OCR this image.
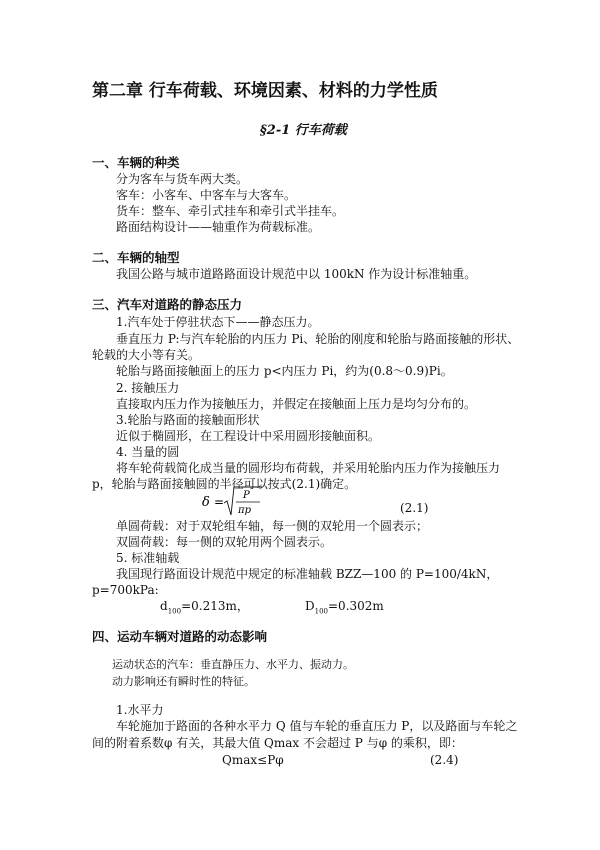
第二章 行车荷载、环境因素、材料的力学性质
§2-1 行车荷载
一、车辆的种类
分为客车与货车两大类。
客车：小客车、中客车与大客车。
货车：整车、牵引式挂车和牵引式半挂车。
路面结构设计——轴重作为荷载标准。
二、车辆的轴型
我国公路与城市道路路面设计规范中以 100kN 作为设计标准轴重。
三、汽车对道路的静态压力
1.汽车处于停驻状态下——静态压力。
垂直压力 P:与汽车轮胎的内压力 Pi、轮胎的刚度和轮胎与路面接触的形状、
轮载的大小等有关。
轮胎与路面接触面上的压力 p<内压力 Pi，约为(0.8～0.9)Pi。
2. 接触压力
直接取内压力作为接触压力，并假定在接触面上压力是均匀分布的。
3.轮胎与路面的接触面形状
近似于椭圆形，在工程设计中采用圆形接触面积。
4. 当量的圆
将车轮荷载简化成当量的圆形均布荷载，并采用轮胎内压力作为接触压力
p，轮胎与路面接触圆的半径可以按式(2.1)确定。
δ = P
πp	(2.1)
单圆荷载：对于双轮组车轴，每一侧的双轮用一个圆表示；
双圆荷载：每一侧的双轮用两个圆表示。
5. 标准轴载
我国现行路面设计规范中规定的标准轴载 BZZ—100 的 P=100/4kN，
p=700kPa:
$d_{100}=0.213m$，	$D_{100}=0.302m$
四、运动车辆对道路的动态影响
运动状态的汽车：垂直静压力、水平力、振动力。
动力影响还有瞬时性的特征。
1.水平力
车轮施加于路面的各种水平力 Q 值与车轮的垂直压力 P，以及路面与车轮之
间的附着系数φ 有关，其最大值 Qmax 不会超过 P 与φ 的乘积，即：
Qmax≤Pφ	(2.4)
